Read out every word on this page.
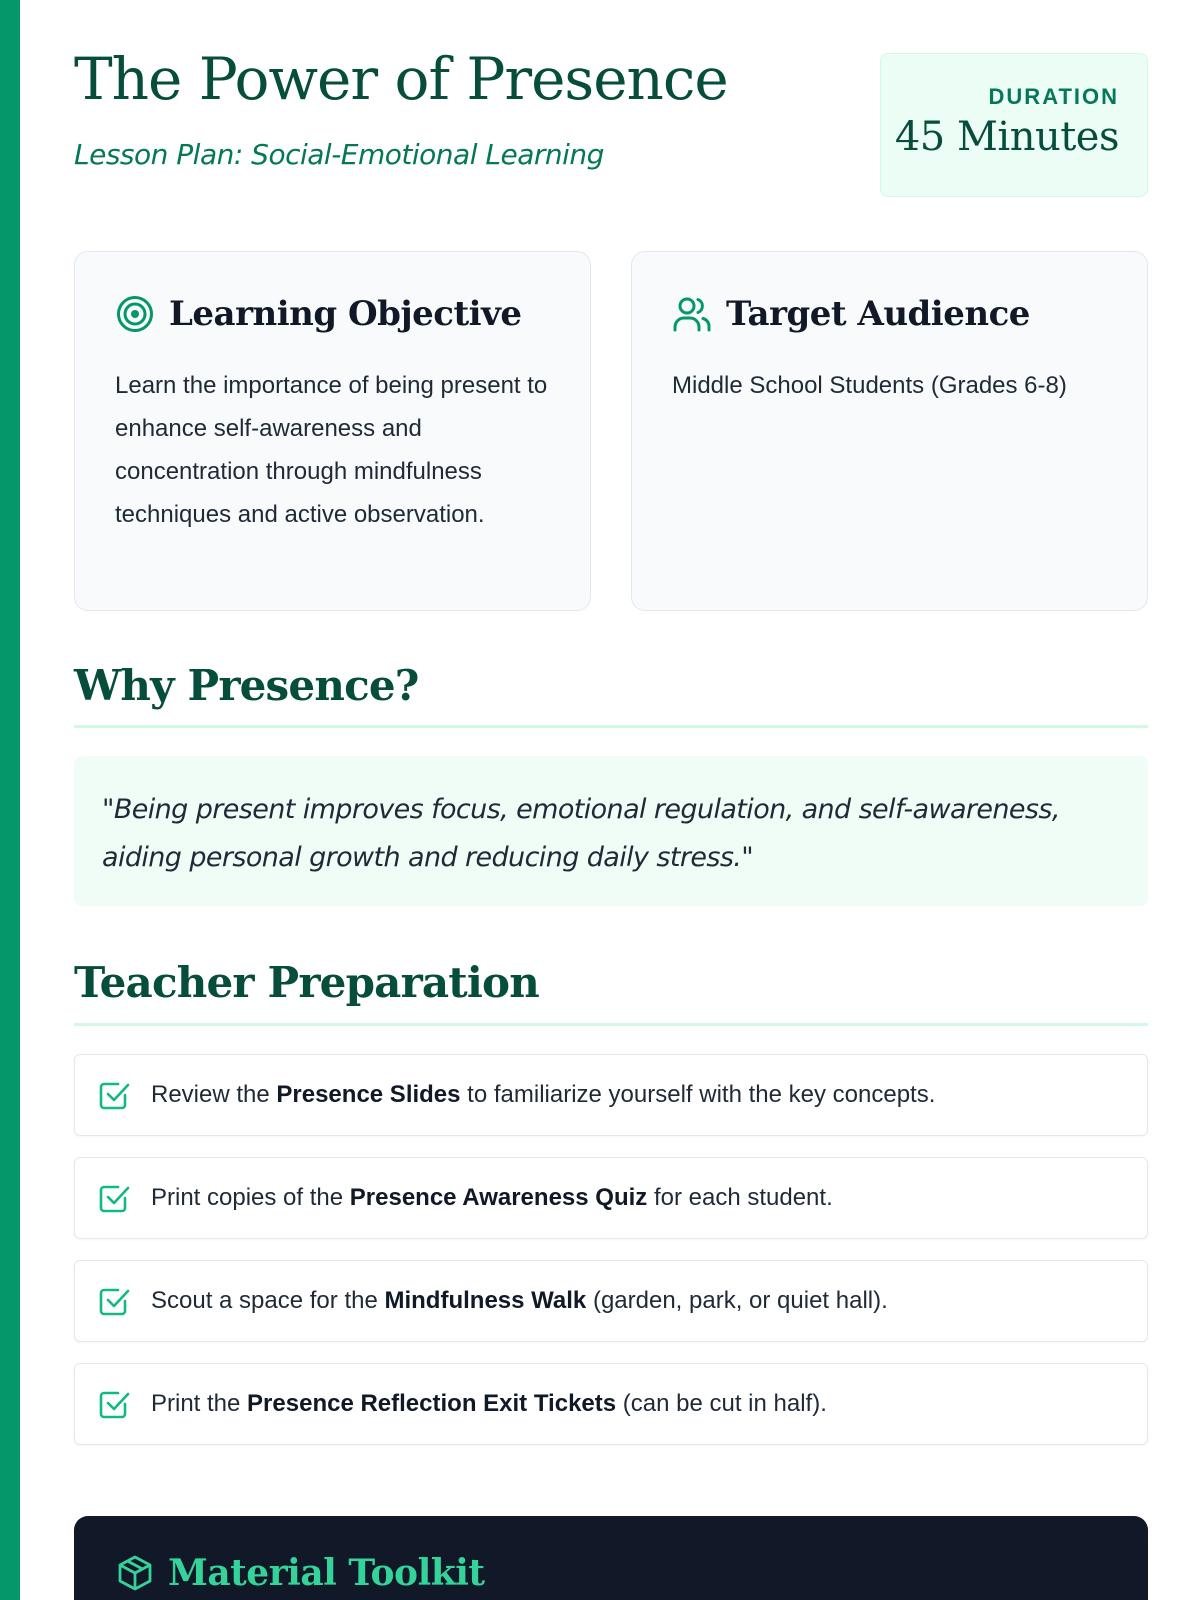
The Power of Presence
Lesson Plan: Social-Emotional Learning
DURATION
45 Minutes
Learning Objective

Learn the importance of being present to enhance self-awareness and concentration through mindfulness techniques and active observation.

Target Audience

Middle School Students (Grades 6-8)

Why Presence?

"Being present improves focus, emotional regulation, and self-awareness, aiding personal growth and reducing daily stress."

Teacher Preparation
Review the Presence Slides to familiarize yourself with the key concepts.
Print copies of the Presence Awareness Quiz for each student.
Scout a space for the Mindfulness Walk (garden, park, or quiet hall).
Print the Presence Reflection Exit Tickets (can be cut in half).
Material Toolkit
